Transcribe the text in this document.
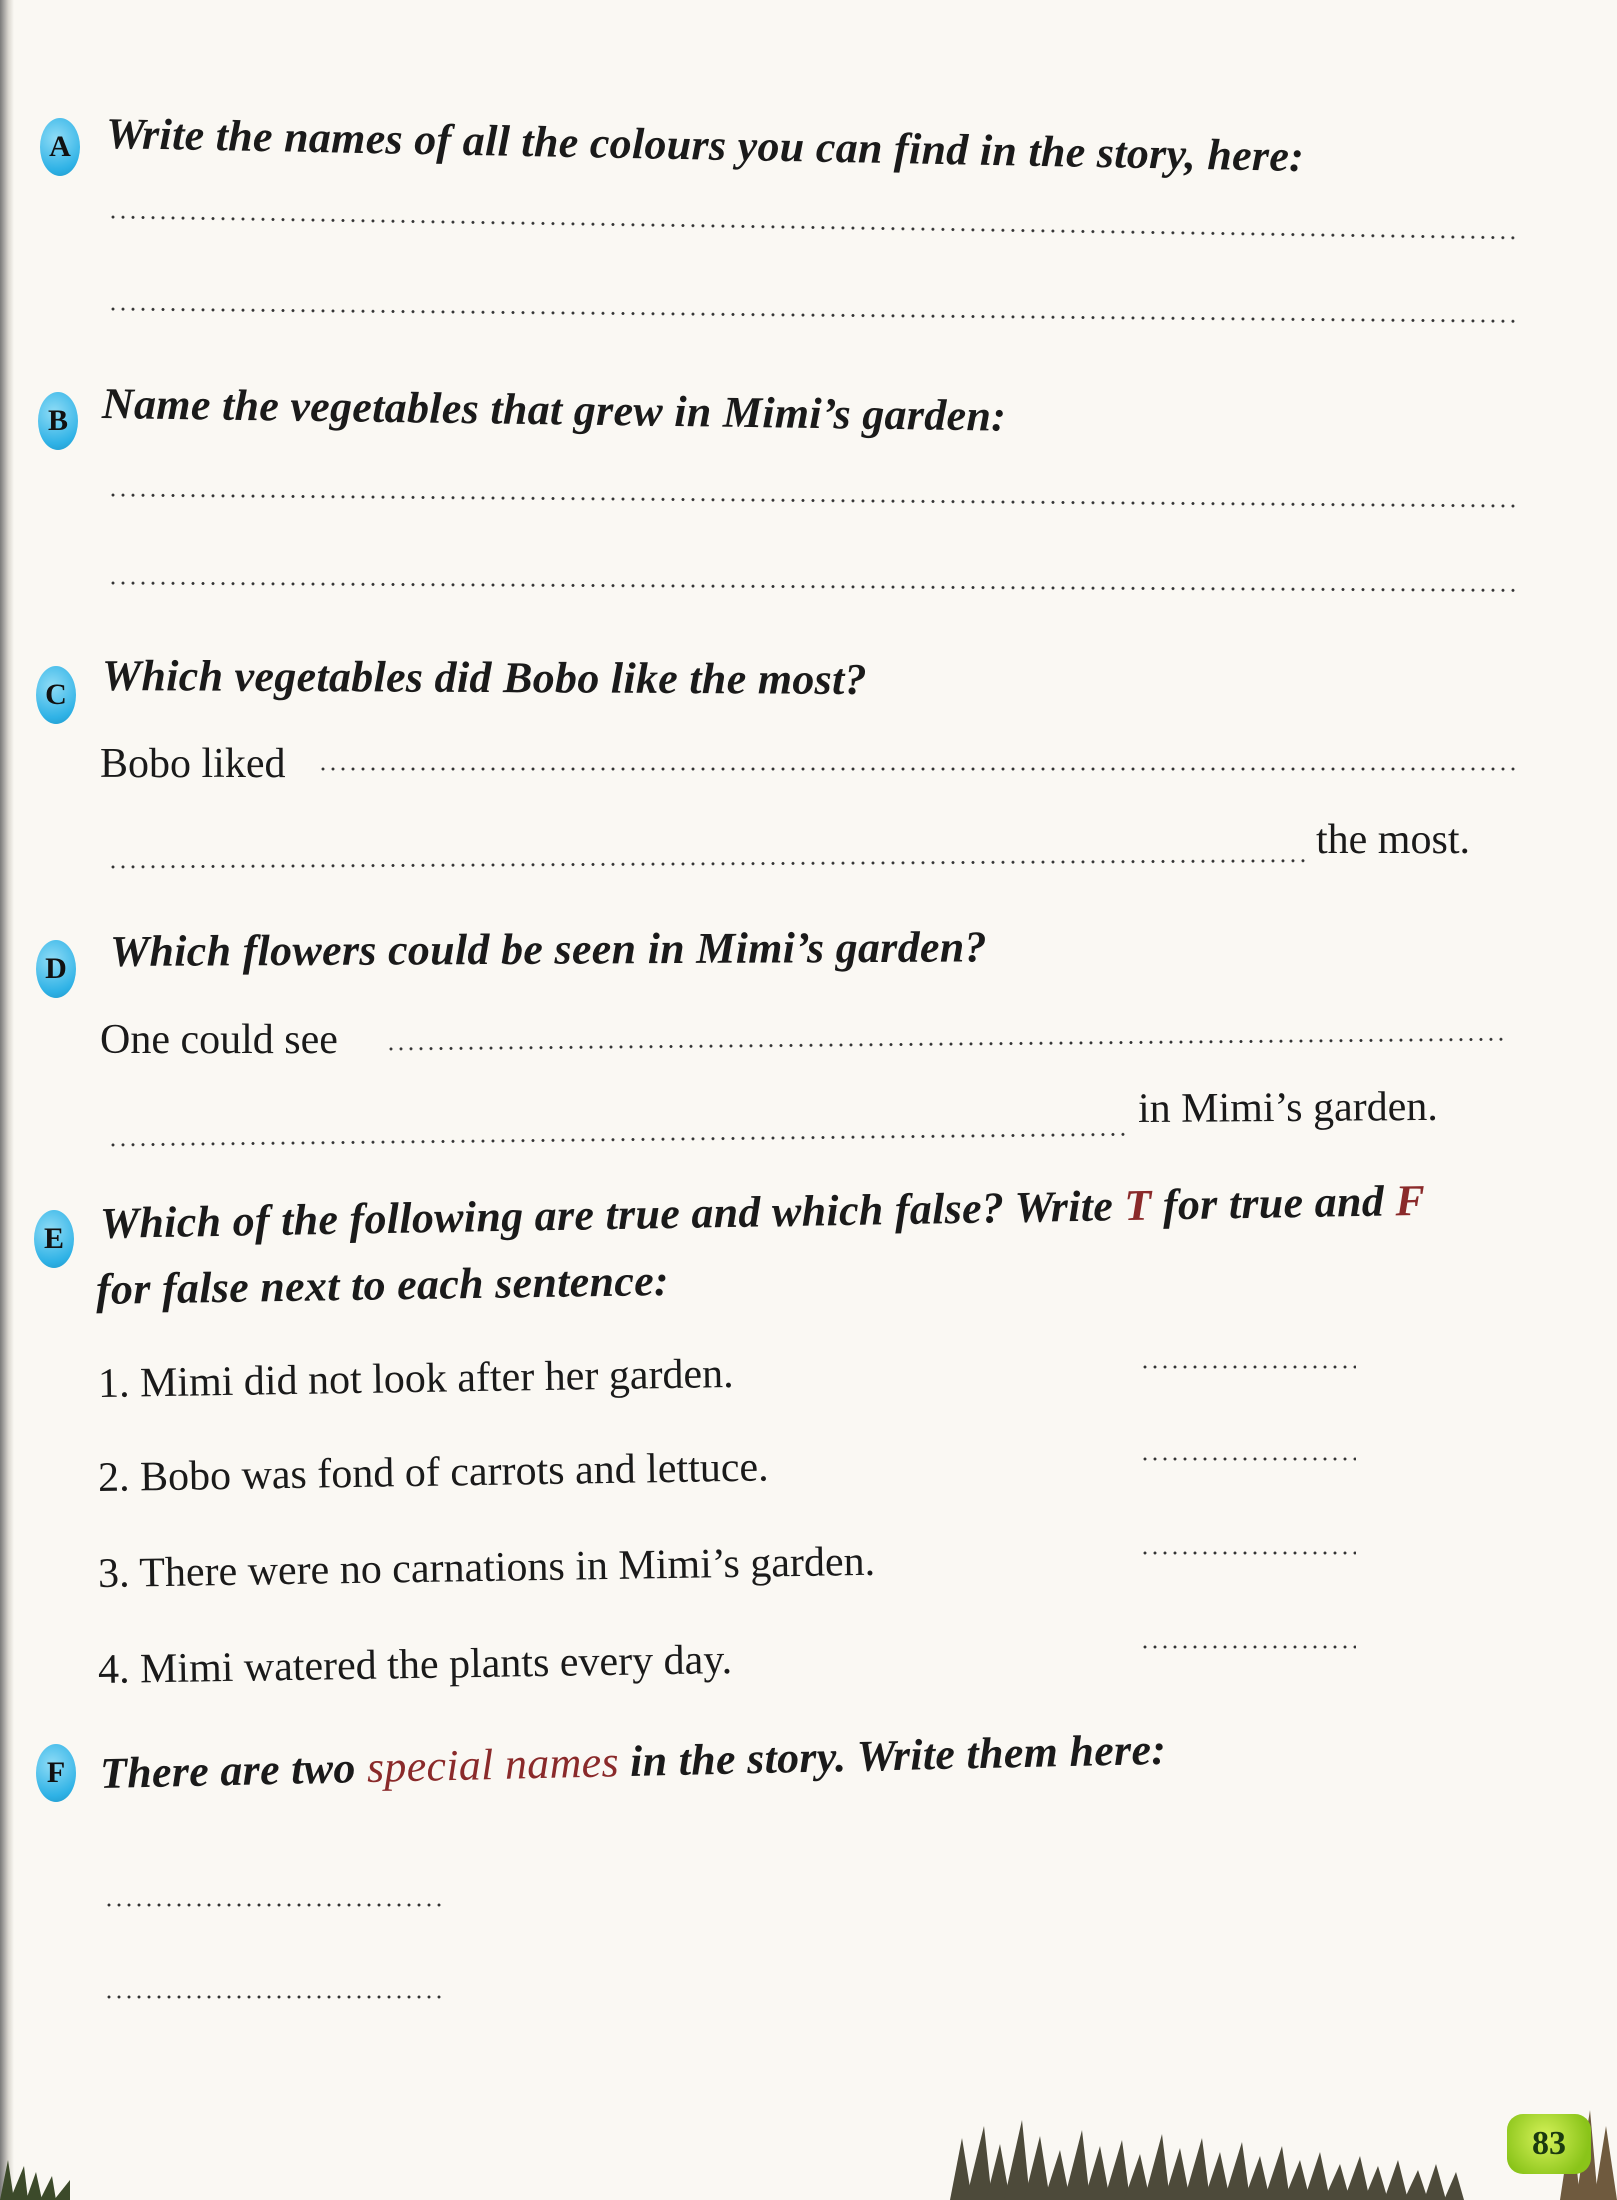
A Write the names of all the colours you can find in the story, here:
B Name the vegetables that grew in Mimi’s garden:
C Which vegetables did Bobo like the most?
Bobo liked
the most.
D Which flowers could be seen in Mimi’s garden?
One could see
in Mimi’s garden.
E Which of the following are true and which false? Write T for true and F
for false next to each sentence:
1. Mimi did not look after her garden.
2. Bobo was fond of carrots and lettuce.
3. There were no carnations in Mimi’s garden.
4. Mimi watered the plants every day.
F There are two special names in the story. Write them here:
83
